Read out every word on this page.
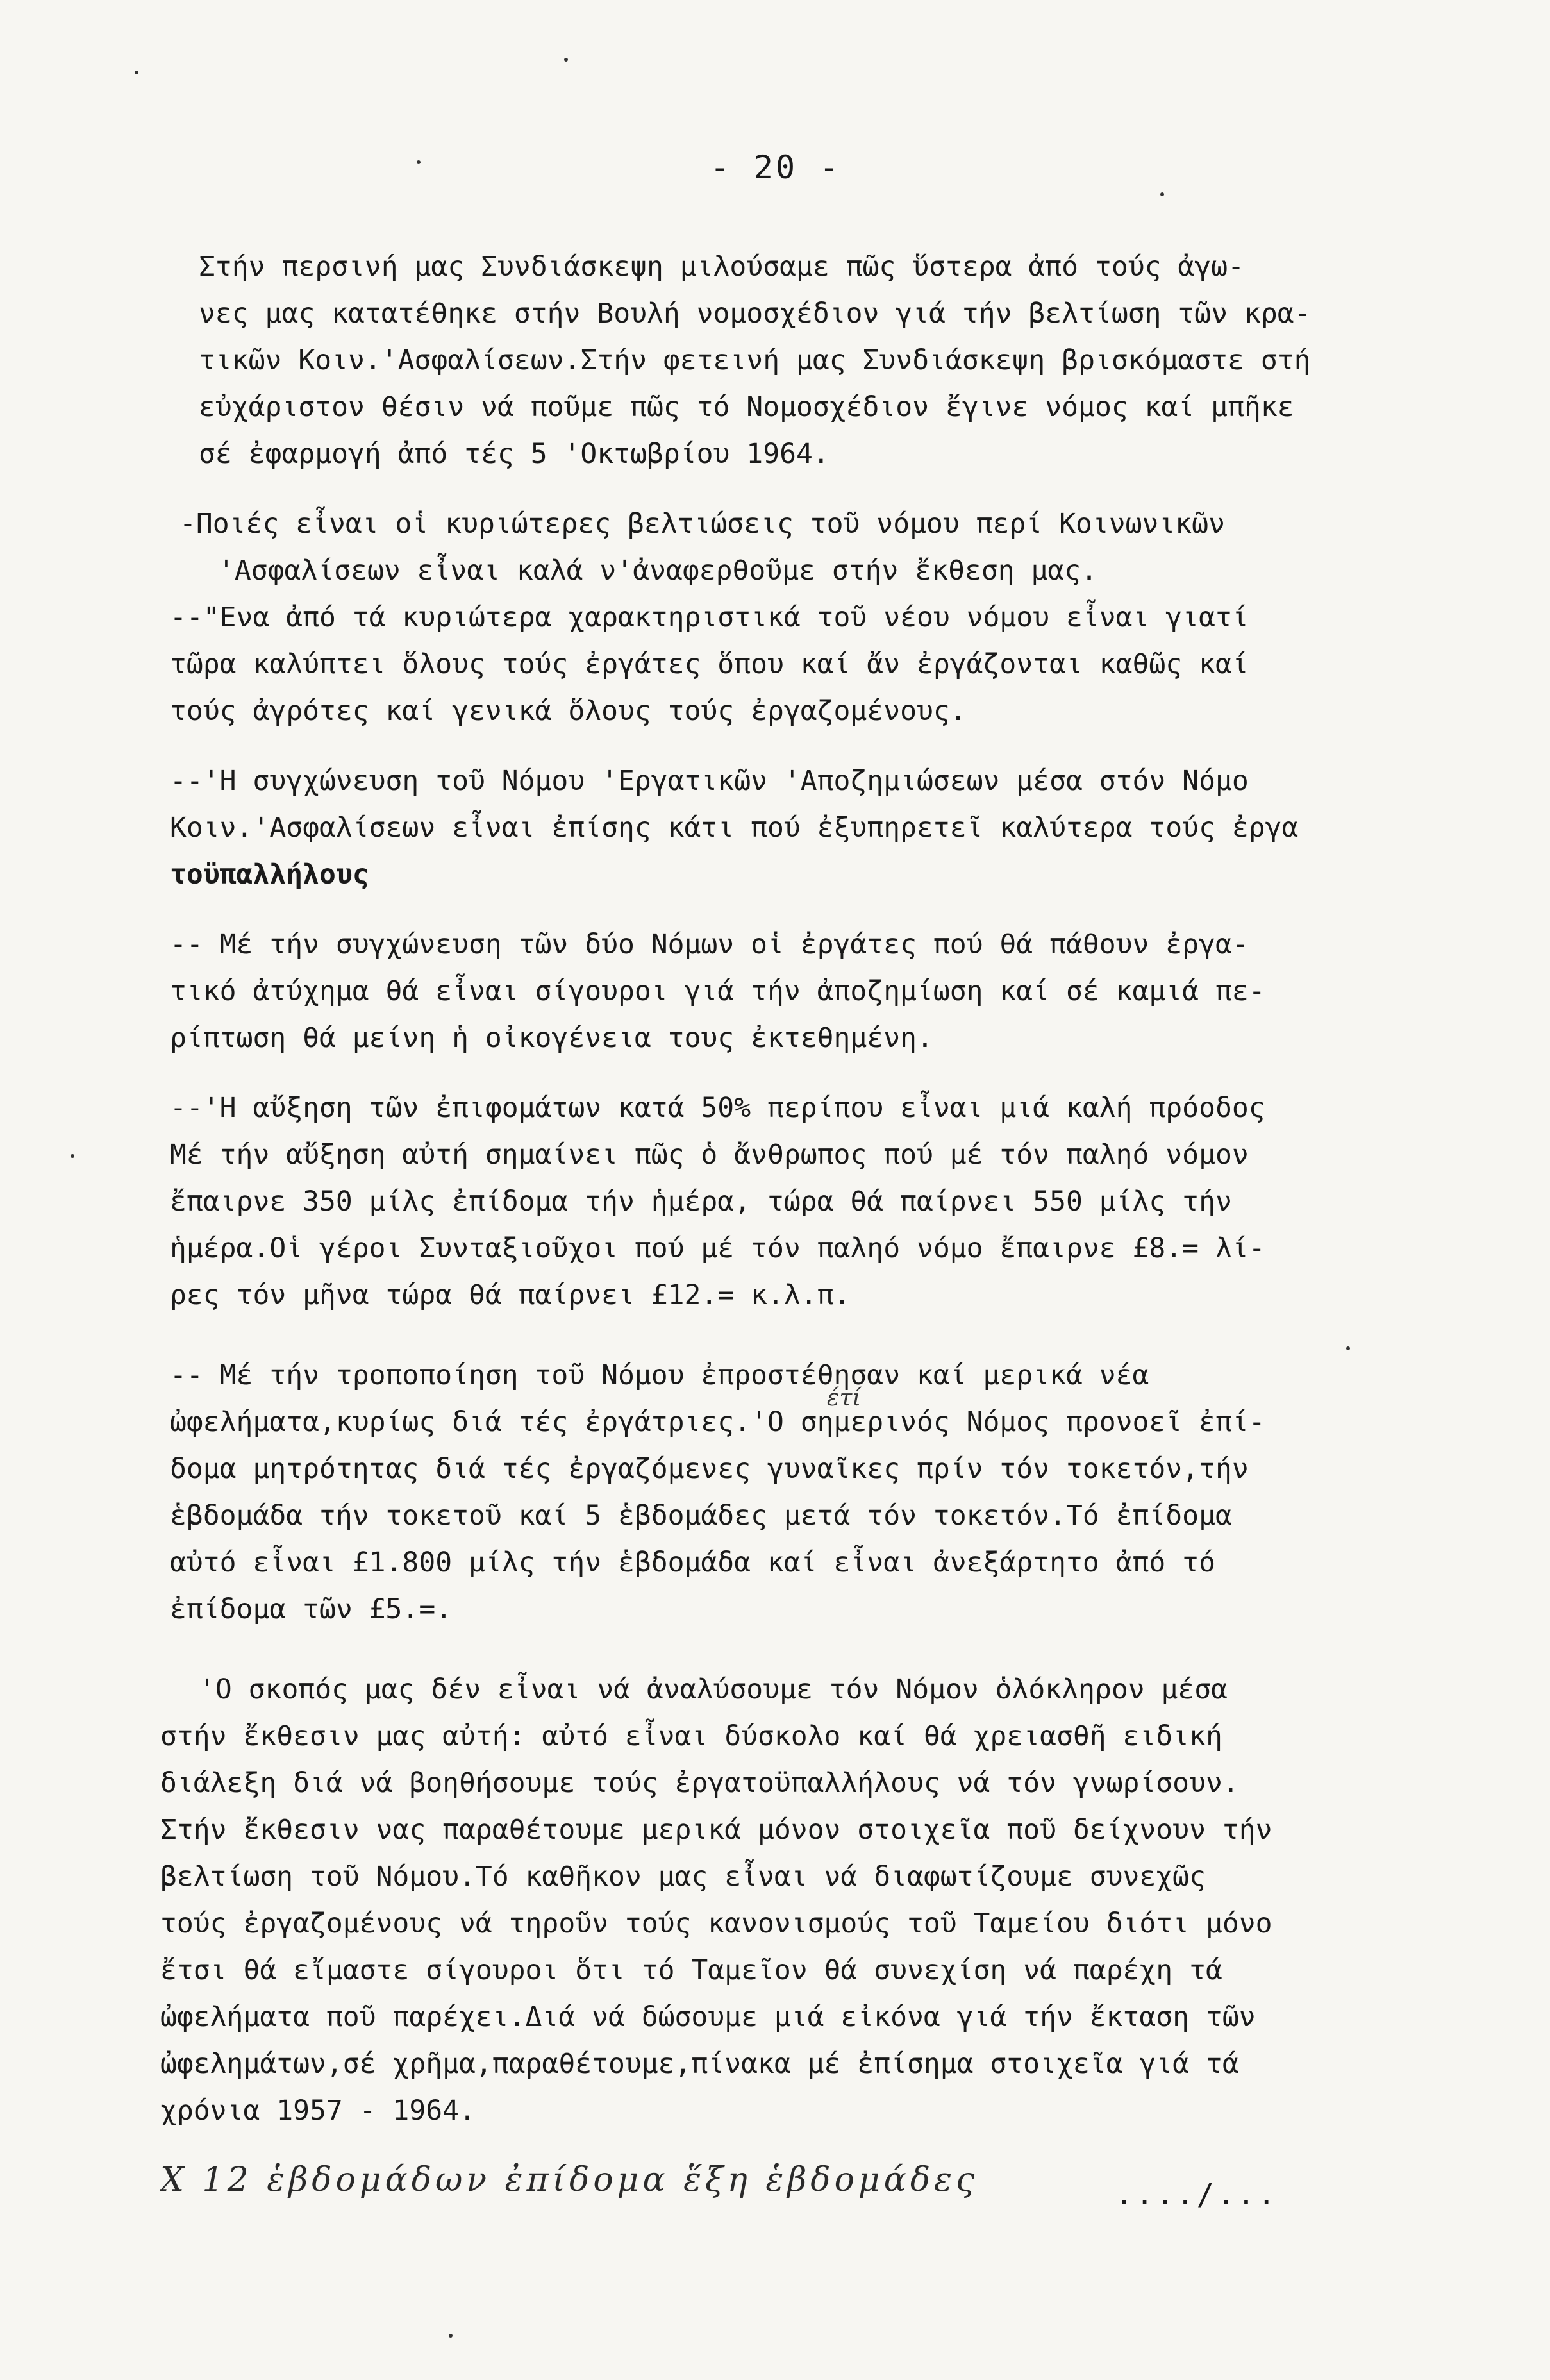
- 20 -
Στήν περσινή μας Συνδιάσκεψη μιλούσαμε πῶς ὕστερα ἀπό τούς ἀγω-
νες μας κατατέθηκε στήν Βουλή νομοσχέδιον γιά τήν βελτίωση τῶν κρα-
τικῶν Κοιν.'Ασφαλίσεων.Στήν φετεινή μας Συνδιάσκεψη βρισκόμαστε στή
εὐχάριστον θέσιν νά ποῦμε πῶς τό Νομοσχέδιον ἔγινε νόμος καί μπῆκε
σέ ἐφαρμογή ἀπό τές 5 'Οκτωβρίου 1964.
-Ποιές εἶναι οἱ κυριώτερες βελτιώσεις τοῦ νόμου περί Κοινωνικῶν
'Ασφαλίσεων εἶναι καλά ν'ἀναφερθοῦμε στήν ἔκθεση μας.
--"Ενα ἀπό τά κυριώτερα χαρακτηριστικά τοῦ νέου νόμου εἶναι γιατί
τῶρα καλύπτει ὅλους τούς ἐργάτες ὅπου καί ἄν ἐργάζονται καθῶς καί
τούς ἀγρότες καί γενικά ὅλους τούς ἐργαζομένους.
--'Η συγχώνευση τοῦ Νόμου 'Εργατικῶν 'Αποζημιώσεων μέσα στόν Νόμο
Κοιν.'Ασφαλίσεων εἶναι ἐπίσης κάτι πού ἐξυπηρετεῖ καλύτερα τούς ἐργα
τοϋπαλλήλους
-- Μέ τήν συγχώνευση τῶν δύο Νόμων οἱ ἐργάτες πού θά πάθουν ἐργα-
τικό ἀτύχημα θά εἶναι σίγουροι γιά τήν ἀποζημίωση καί σέ καμιά πε-
ρίπτωση θά μείνη ἡ οἰκογένεια τους ἐκτεθημένη.
--'Η αὔξηση τῶν ἐπιφομάτων κατά 50% περίπου εἶναι μιά καλή πρόοδος
Μέ τήν αὔξηση αὐτή σημαίνει πῶς ὁ ἄνθρωπος πού μέ τόν παληό νόμον
ἔπαιρνε 350 μίλς ἐπίδομα τήν ἡμέρα, τώρα θά παίρνει 550 μίλς τήν
ἡμέρα.Οἱ γέροι Συνταξιοῦχοι πού μέ τόν παληό νόμο ἔπαιρνε £8.= λί-
ρες τόν μῆνα τώρα θά παίρνει £12.= κ.λ.π.
-- Μέ τήν τροποποίηση τοῦ Νόμου ἐπροστέθησαν καί μερικά νέα
ὠφελήματα,κυρίως διά τές ἐργάτριες.'Ο σημερινός Νόμος προνοεῖ ἐπί-
δομα μητρότητας διά τές ἐργαζόμενες γυναῖκες πρίν τόν τοκετόν,τήν
ἑβδομάδα τήν τοκετοῦ καί 5 ἑβδομάδες μετά τόν τοκετόν.Τό ἐπίδομα
αὐτό εἶναι £1.800 μίλς τήν ἑβδομάδα καί εἶναι ἀνεξάρτητο ἀπό τό
ἐπίδομα τῶν £5.=.
'Ο σκοπός μας δέν εἶναι νά ἀναλύσουμε τόν Νόμον ὁλόκληρον μέσα
στήν ἔκθεσιν μας αὐτή: αὐτό εἶναι δύσκολο καί θά χρειασθῆ ειδική
διάλεξη διά νά βοηθήσουμε τούς ἐργατοϋπαλλήλους νά τόν γνωρίσουν.
Στήν ἔκθεσιν νας παραθέτουμε μερικά μόνον στοιχεῖα ποῦ δείχνουν τήν
βελτίωση τοῦ Νόμου.Τό καθῆκον μας εἶναι νά διαφωτίζουμε συνεχῶς
τούς ἐργαζομένους νά τηροῦν τούς κανονισμούς τοῦ Ταμείου διότι μόνο
ἔτσι θά εἴμαστε σίγουροι ὅτι τό Ταμεῖον θά συνεχίση νά παρέχη τά
ὠφελήματα ποῦ παρέχει.Διά νά δώσουμε μιά εἰκόνα γιά τήν ἔκταση τῶν
ὠφελημάτων,σέ χρῆμα,παραθέτουμε,πίνακα μέ ἐπίσημα στοιχεῖα γιά τά
χρόνια 1957 - 1964.
έτί
X 12 ἑβδομάδων ἐπίδομα ἕξη ἑβδομάδες	..../...
